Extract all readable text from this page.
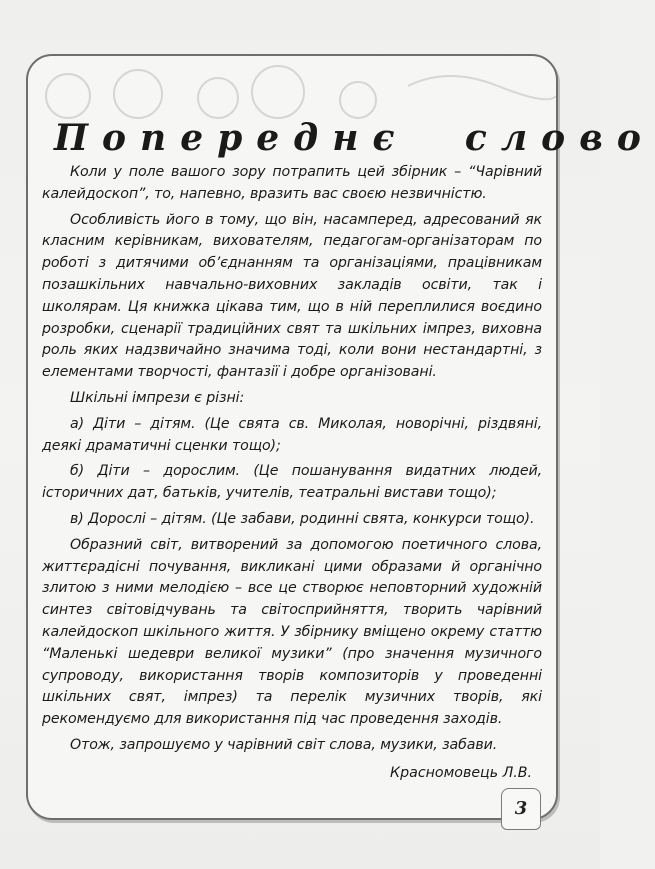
Попереднє слово

Коли у поле вашого зору потрапить цей збірник – “Чарівний калейдоскоп”, то, напевно, вразить вас своєю незвичністю.

Особливість його в тому, що він, насамперед, адресований як класним керівникам, вихователям, педагогам-організаторам по роботі з дитячими об’єднанням та організаціями, працівникам позашкільних навчально-виховних закладів освіти, так і школярам. Ця книжка цікава тим, що в ній переплилися воєдино розробки, сценарії традиційних свят та шкільних імпрез, виховна роль яких надзвичайно значима тоді, коли вони нестандартні, з елементами творчості, фантазії і добре організовані.

Шкільні імпрези є різні:

а) Діти – дітям. (Це свята св. Миколая, новорічні, різдвяні, деякі драматичні сценки тощо);

б) Діти – дорослим. (Це пошанування видатних людей, історичних дат, батьків, учителів, театральні вистави тощо);

в) Дорослі – дітям. (Це забави, родинні свята, конкурси тощо).

Образний світ, витворений за допомогою поетичного слова, життєрадісні почування, викликані цими образами й органічно злитою з ними мелодією – все це створює неповторний художній синтез світовідчувань та світосприйняття, творить чарівний калейдоскоп шкільного життя. У збірнику вміщено окрему статтю “Маленькі шедеври великої музики” (про значення музичного супроводу, використання творів композиторів у проведенні шкільних свят, імпрез) та перелік музичних творів, які рекомендуємо для використання під час проведення заходів.

Отож, запрошуємо у чарівний світ слова, музики, забави.

Красномовець Л.В.

3
